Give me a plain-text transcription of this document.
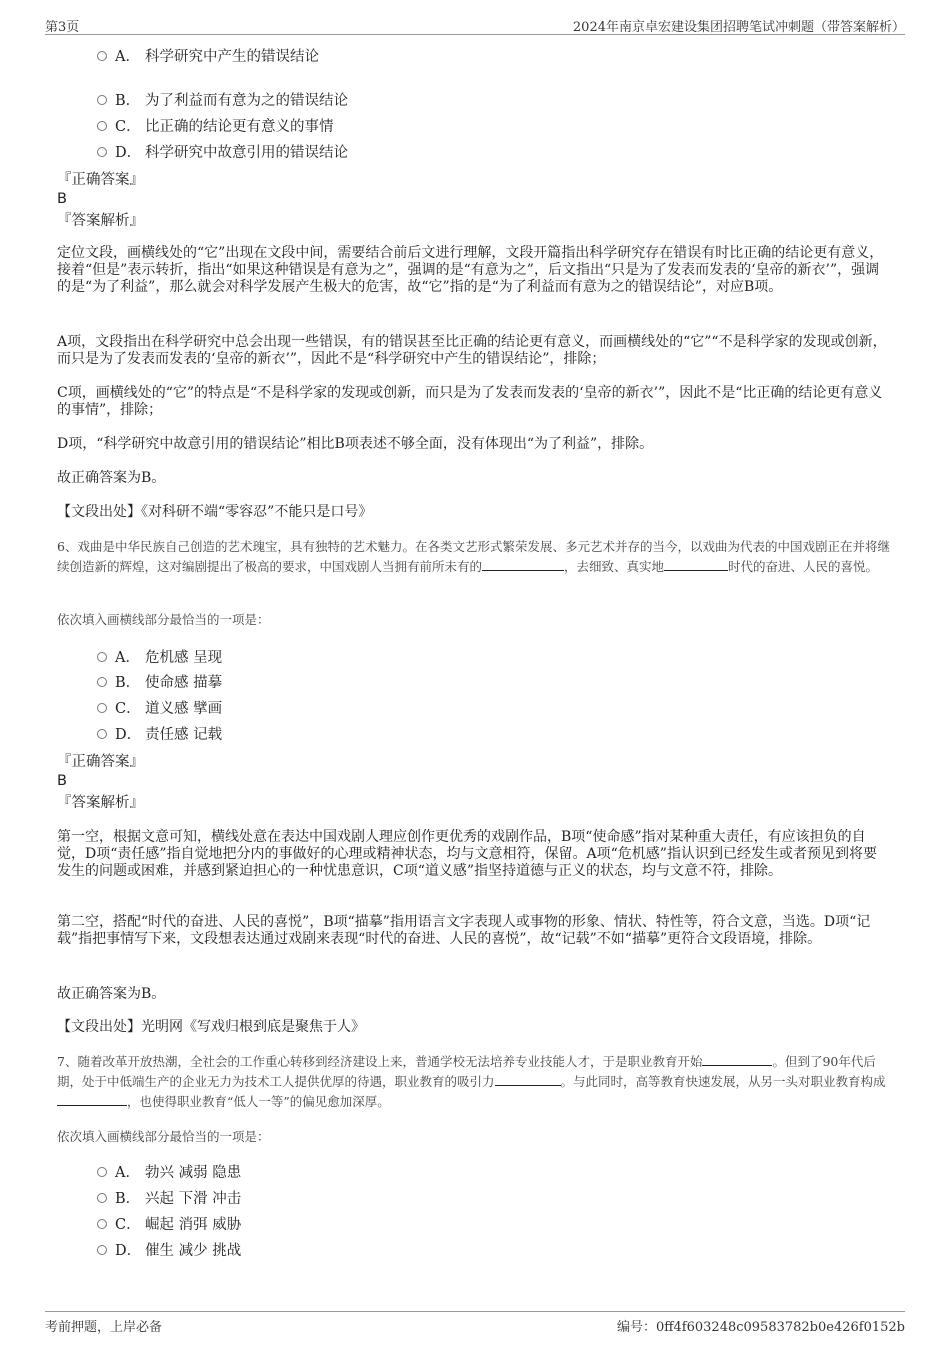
第3页	2024年南京卓宏建设集团招聘笔试冲刺题（带答案解析）
A． 科学研究中产生的错误结论
B． 为了利益而有意为之的错误结论
C． 比正确的结论更有意义的事情
D． 科学研究中故意引用的错误结论
『正确答案』
B
『答案解析』

定位文段，画横线处的“它”出现在文段中间，需要结合前后文进行理解，文段开篇指出科学研究存在错误有时比正确的结论更有意义，接着“但是”表示转折，指出“如果这种错误是有意为之”，强调的是“有意为之”，后文指出“只是为了发表而发表的‘皇帝的新衣’”，强调的是“为了利益”，那么就会对科学发展产生极大的危害，故“它”指的是“为了利益而有意为之的错误结论”，对应B项。

A项，文段指出在科学研究中总会出现一些错误，有的错误甚至比正确的结论更有意义，而画横线处的“它”“不是科学家的发现或创新，而只是为了发表而发表的‘皇帝的新衣’”，因此不是“科学研究中产生的错误结论”，排除；

C项，画横线处的“它”的特点是“不是科学家的发现或创新，而只是为了发表而发表的‘皇帝的新衣’”，因此不是“比正确的结论更有意义的事情”，排除；

D项，“科学研究中故意引用的错误结论”相比B项表述不够全面，没有体现出“为了利益”，排除。

故正确答案为B。

【文段出处】《对科研不端“零容忍”不能只是口号》

6、戏曲是中华民族自己创造的艺术瑰宝，具有独特的艺术魅力。在各类文艺形式繁荣发展、多元艺术并存的当今，以戏曲为代表的中国戏剧正在并将继续创造新的辉煌，这对编剧提出了极高的要求，中国戏剧人当拥有前所未有的	，去细致、真实地	时代的奋进、人民的喜悦。

依次填入画横线部分最恰当的一项是：
A． 危机感 呈现
B． 使命感 描摹
C． 道义感 擘画
D． 责任感 记载
『正确答案』
B
『答案解析』

第一空，根据文意可知，横线处意在表达中国戏剧人理应创作更优秀的戏剧作品，B项“使命感”指对某种重大责任，有应该担负的自觉，D项“责任感”指自觉地把分内的事做好的心理或精神状态，均与文意相符，保留。A项“危机感”指认识到已经发生或者预见到将要发生的问题或困难，并感到紧迫担心的一种忧患意识，C项“道义感”指坚持道德与正义的状态，均与文意不符，排除。

第二空，搭配“时代的奋进、人民的喜悦”，B项“描摹”指用语言文字表现人或事物的形象、情状、特性等，符合文意，当选。D项“记载”指把事情写下来，文段想表达通过戏剧来表现“时代的奋进、人民的喜悦”，故“记载”不如“描摹”更符合文段语境，排除。

故正确答案为B。

【文段出处】光明网《写戏归根到底是聚焦于人》

7、随着改革开放热潮，全社会的工作重心转移到经济建设上来，普通学校无法培养专业技能人才，于是职业教育开始	。但到了90年代后期，处于中低端生产的企业无力为技术工人提供优厚的待遇，职业教育的吸引力	。与此同时，高等教育快速发展，从另一头对职业教育构成，也使得职业教育“低人一等”的偏见愈加深厚。

依次填入画横线部分最恰当的一项是：
A． 勃兴 减弱 隐患
B． 兴起 下滑 冲击
C． 崛起 消弭 威胁
D． 催生 减少 挑战
考前押题，上岸必备	编号：0ff4f603248c09583782b0e426f0152b
